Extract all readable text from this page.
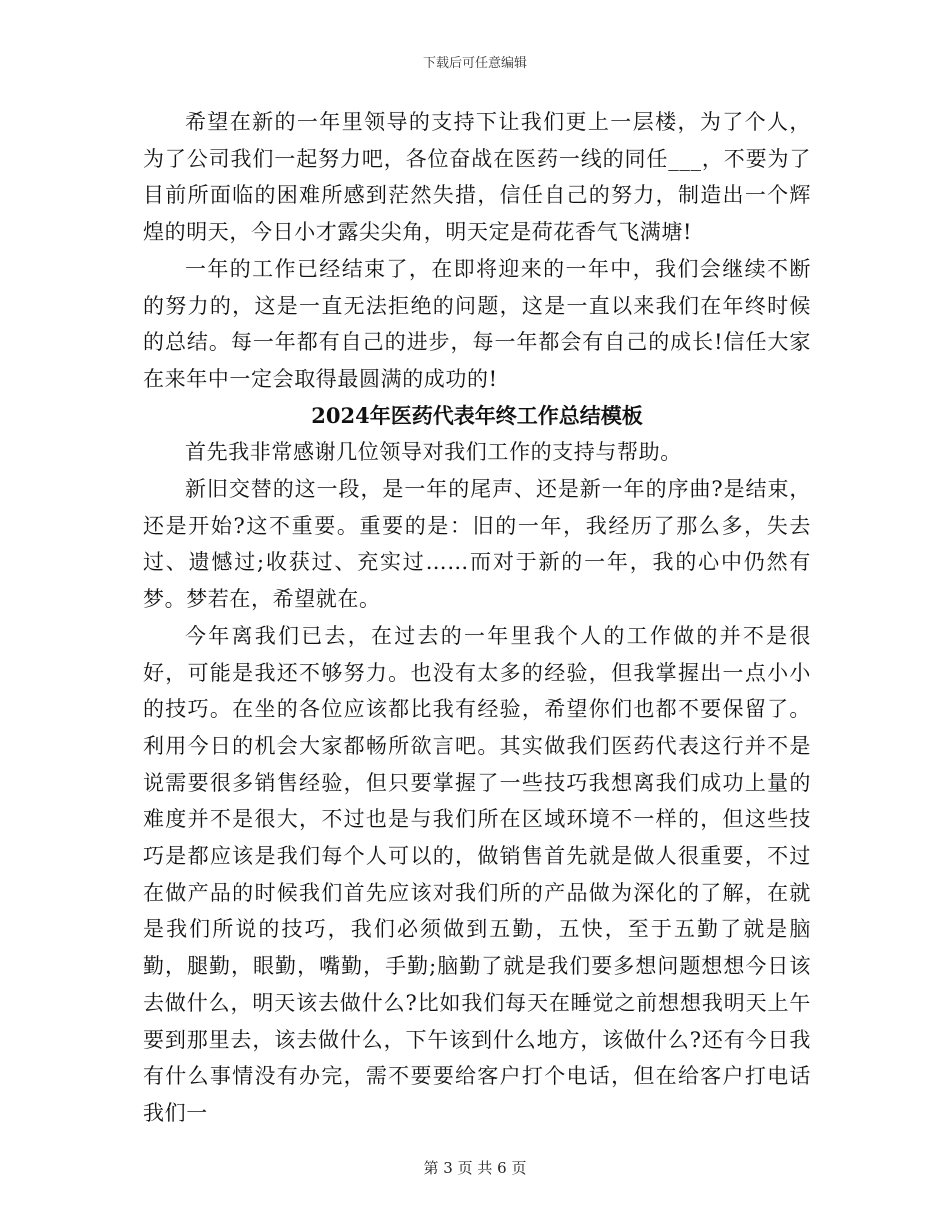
下载后可任意编辑

希望在新的一年里领导的支持下让我们更上一层楼，为了个人，为了公司我们一起努力吧，各位奋战在医药一线的同任___，不要为了目前所面临的困难所感到茫然失措，信任自己的努力，制造出一个辉煌的明天，今日小才露尖尖角，明天定是荷花香气飞满塘!

一年的工作已经结束了，在即将迎来的一年中，我们会继续不断的努力的，这是一直无法拒绝的问题，这是一直以来我们在年终时候的总结。每一年都有自己的进步，每一年都会有自己的成长!信任大家在来年中一定会取得最圆满的成功的!

2024年医药代表年终工作总结模板

首先我非常感谢几位领导对我们工作的支持与帮助。

新旧交替的这一段，是一年的尾声、还是新一年的序曲?是结束，还是开始?这不重要。重要的是：旧的一年，我经历了那么多，失去过、遗憾过;收获过、充实过……而对于新的一年，我的心中仍然有梦。梦若在，希望就在。

今年离我们已去，在过去的一年里我个人的工作做的并不是很好，可能是我还不够努力。也没有太多的经验，但我掌握出一点小小的技巧。在坐的各位应该都比我有经验，希望你们也都不要保留了。利用今日的机会大家都畅所欲言吧。其实做我们医药代表这行并不是说需要很多销售经验，但只要掌握了一些技巧我想离我们成功上量的难度并不是很大，不过也是与我们所在区域环境不一样的，但这些技巧是都应该是我们每个人可以的，做销售首先就是做人很重要，不过在做产品的时候我们首先应该对我们所的产品做为深化的了解，在就是我们所说的技巧，我们必须做到五勤，五快，至于五勤了就是脑勤，腿勤，眼勤，嘴勤，手勤;脑勤了就是我们要多想问题想想今日该去做什么，明天该去做什么?比如我们每天在睡觉之前想想我明天上午要到那里去，该去做什么，下午该到什么地方，该做什么?还有今日我有什么事情没有办完，需不要要给客户打个电话，但在给客户打电话我们一

第 3 页 共 6 页
